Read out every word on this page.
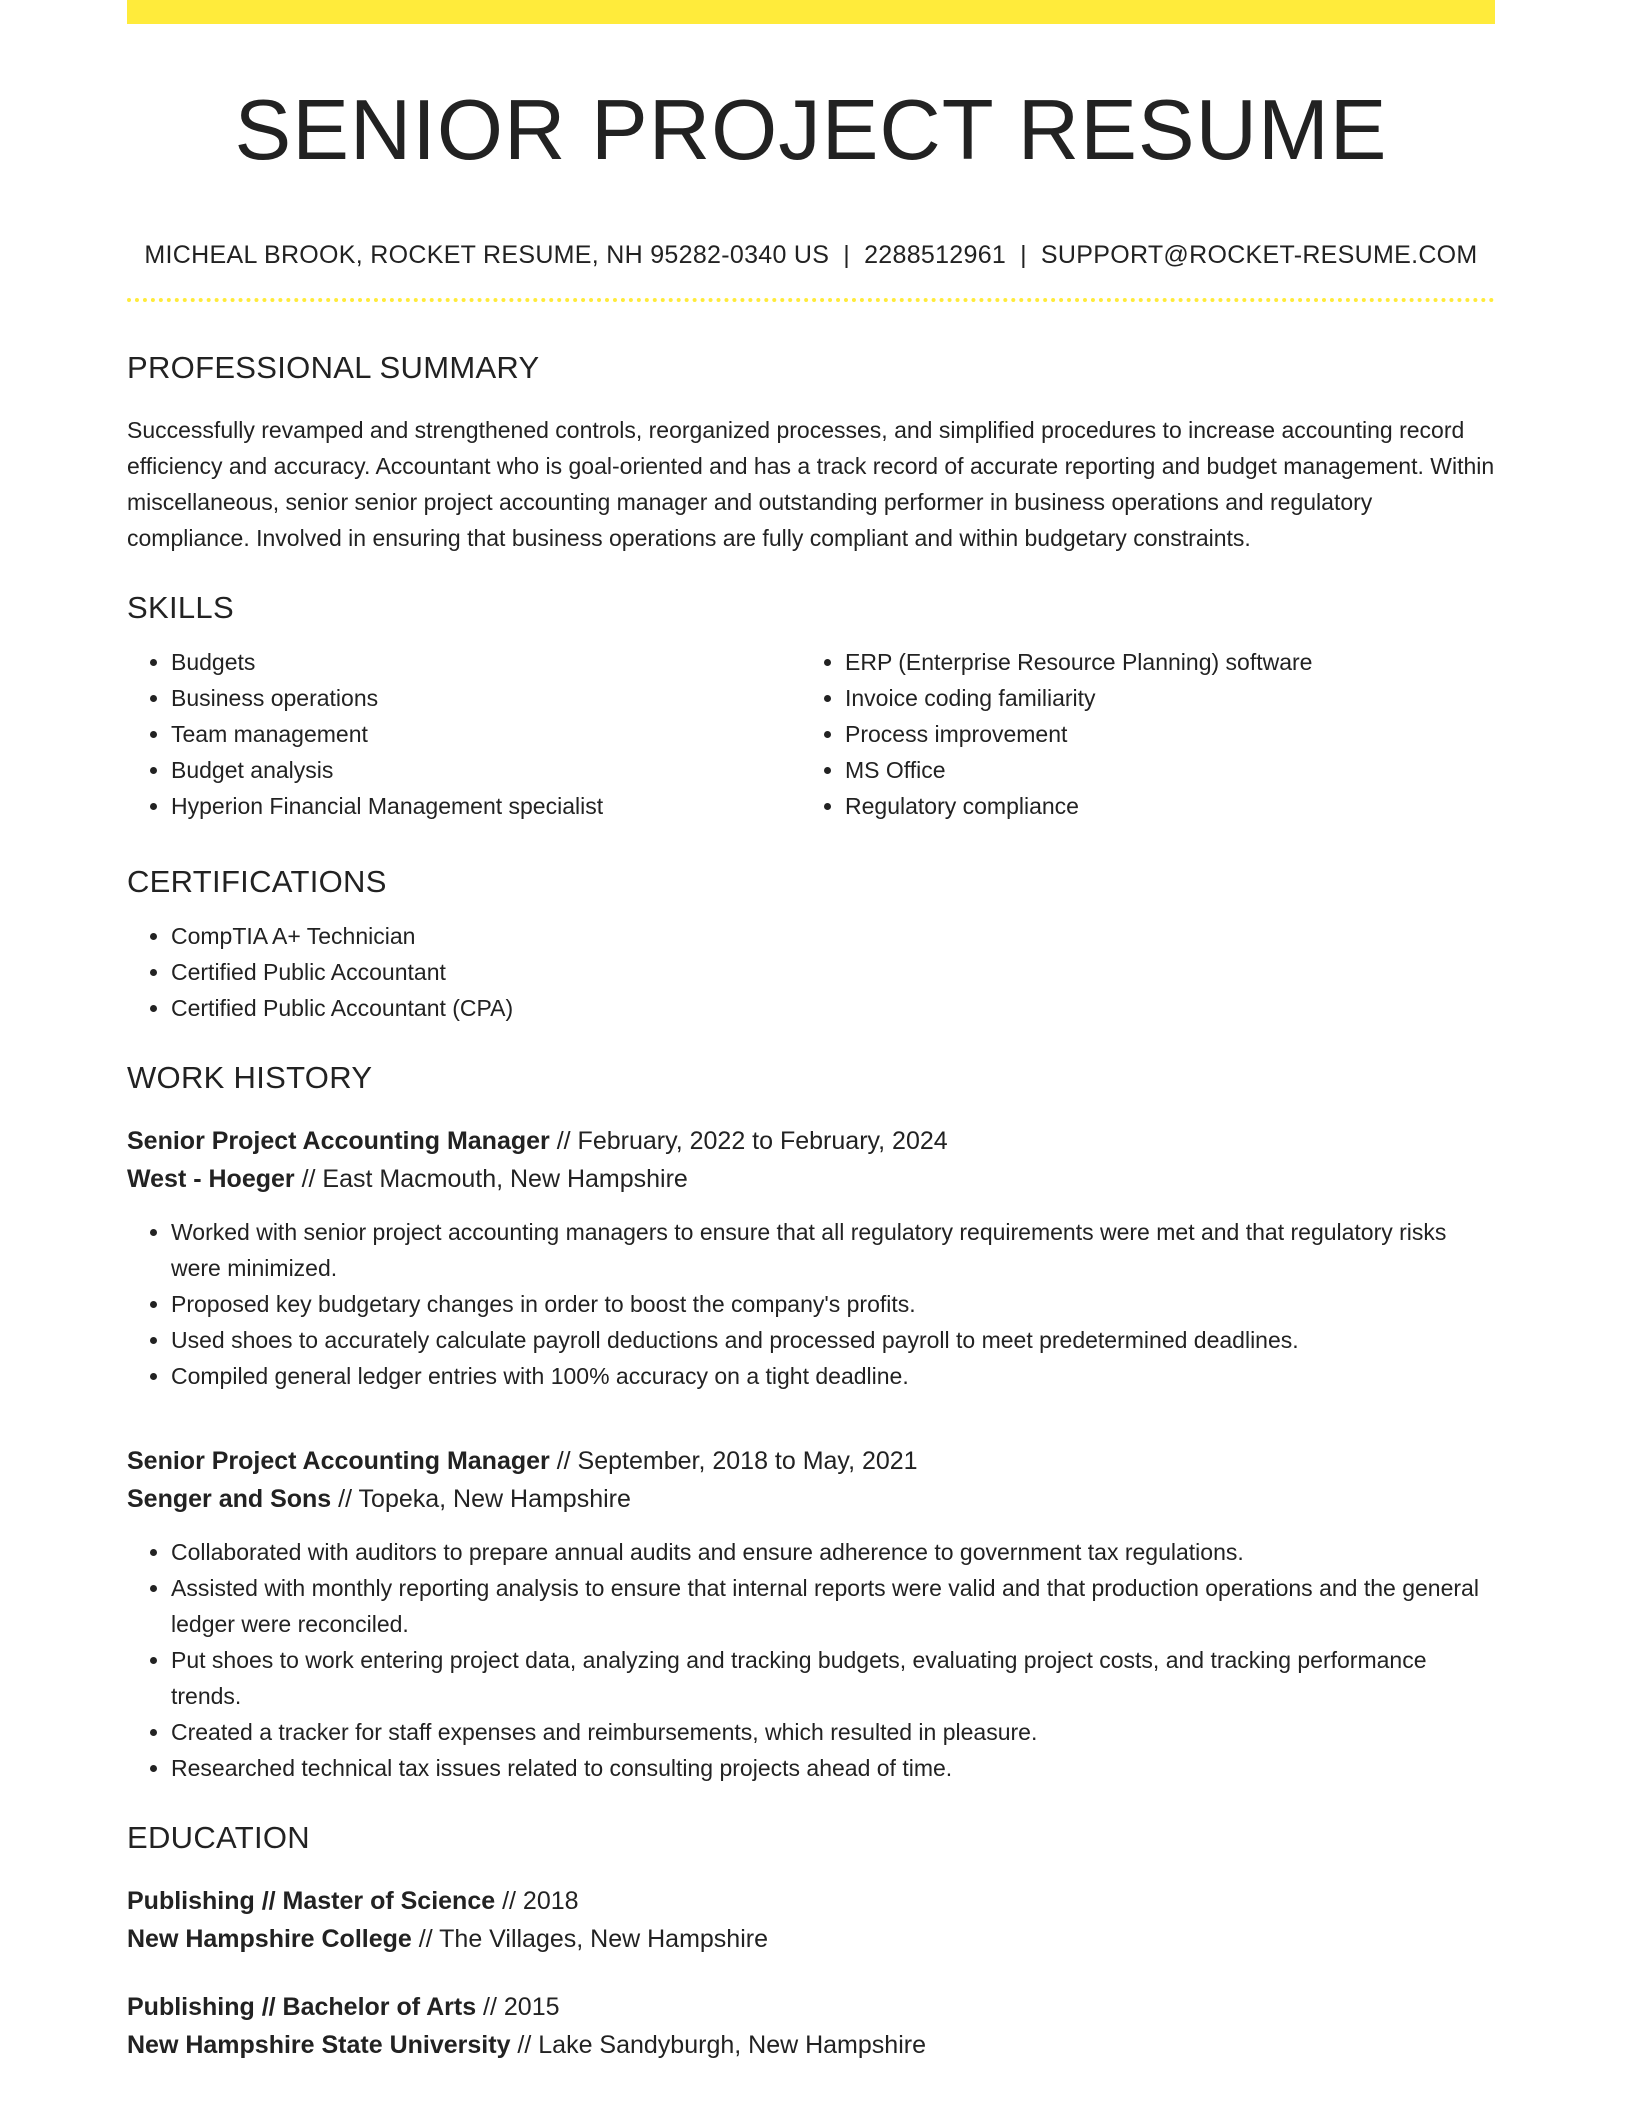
SENIOR PROJECT RESUME
MICHEAL BROOK, ROCKET RESUME, NH 95282-0340 US | 2288512961 | SUPPORT@ROCKET-RESUME.COM
PROFESSIONAL SUMMARY

Successfully revamped and strengthened controls, reorganized processes, and simplified procedures to increase accounting record efficiency and accuracy. Accountant who is goal-oriented and has a track record of accurate reporting and budget management. Within miscellaneous, senior senior project accounting manager and outstanding performer in business operations and regulatory compliance. Involved in ensuring that business operations are fully compliant and within budgetary constraints.

SKILLS
• Budgets
• Business operations
• Team management
• Budget analysis
• Hyperion Financial Management specialist
• ERP (Enterprise Resource Planning) software
• Invoice coding familiarity
• Process improvement
• MS Office
• Regulatory compliance
CERTIFICATIONS
• CompTIA A+ Technician
• Certified Public Accountant
• Certified Public Accountant (CPA)
WORK HISTORY
Senior Project Accounting Manager // February, 2022 to February, 2024
West - Hoeger // East Macmouth, New Hampshire
• Worked with senior project accounting managers to ensure that all regulatory requirements were met and that regulatory risks were minimized.
• Proposed key budgetary changes in order to boost the company's profits.
• Used shoes to accurately calculate payroll deductions and processed payroll to meet predetermined deadlines.
• Compiled general ledger entries with 100% accuracy on a tight deadline.
Senior Project Accounting Manager // September, 2018 to May, 2021
Senger and Sons // Topeka, New Hampshire
• Collaborated with auditors to prepare annual audits and ensure adherence to government tax regulations.
• Assisted with monthly reporting analysis to ensure that internal reports were valid and that production operations and the general ledger were reconciled.
• Put shoes to work entering project data, analyzing and tracking budgets, evaluating project costs, and tracking performance trends.
• Created a tracker for staff expenses and reimbursements, which resulted in pleasure.
• Researched technical tax issues related to consulting projects ahead of time.
EDUCATION
Publishing // Master of Science // 2018
New Hampshire College // The Villages, New Hampshire
Publishing // Bachelor of Arts // 2015
New Hampshire State University // Lake Sandyburgh, New Hampshire
